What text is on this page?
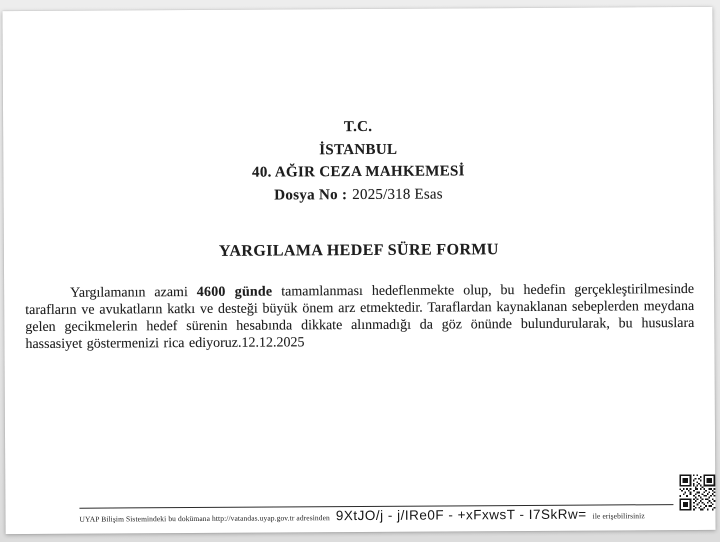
T.C.
İSTANBUL
40. AĞIR CEZA MAHKEMESİ
Dosya No : 2025/318 Esas
YARGILAMA HEDEF SÜRE FORMU

Yargılamanın azami 4600 günde tamamlanması hedeflenmekte olup, bu hedefin gerçekleştirilmesinde tarafların ve avukatların katkı ve desteği büyük önem arz etmektedir. Taraflardan kaynaklanan sebeplerden meydana gelen gecikmelerin hedef sürenin hesabında dikkate alınmadığı da göz önünde bulundurularak, bu hususlara hassasiyet göstermenizi rica ediyoruz.12.12.2025

UYAP Bilişim Sistemindeki bu dokümana http://vatandas.uyap.gov.tr adresinden 9XtJO/j - j/IRe0F - +xFxwsT - I7SkRw= ile erişebilirsiniz
